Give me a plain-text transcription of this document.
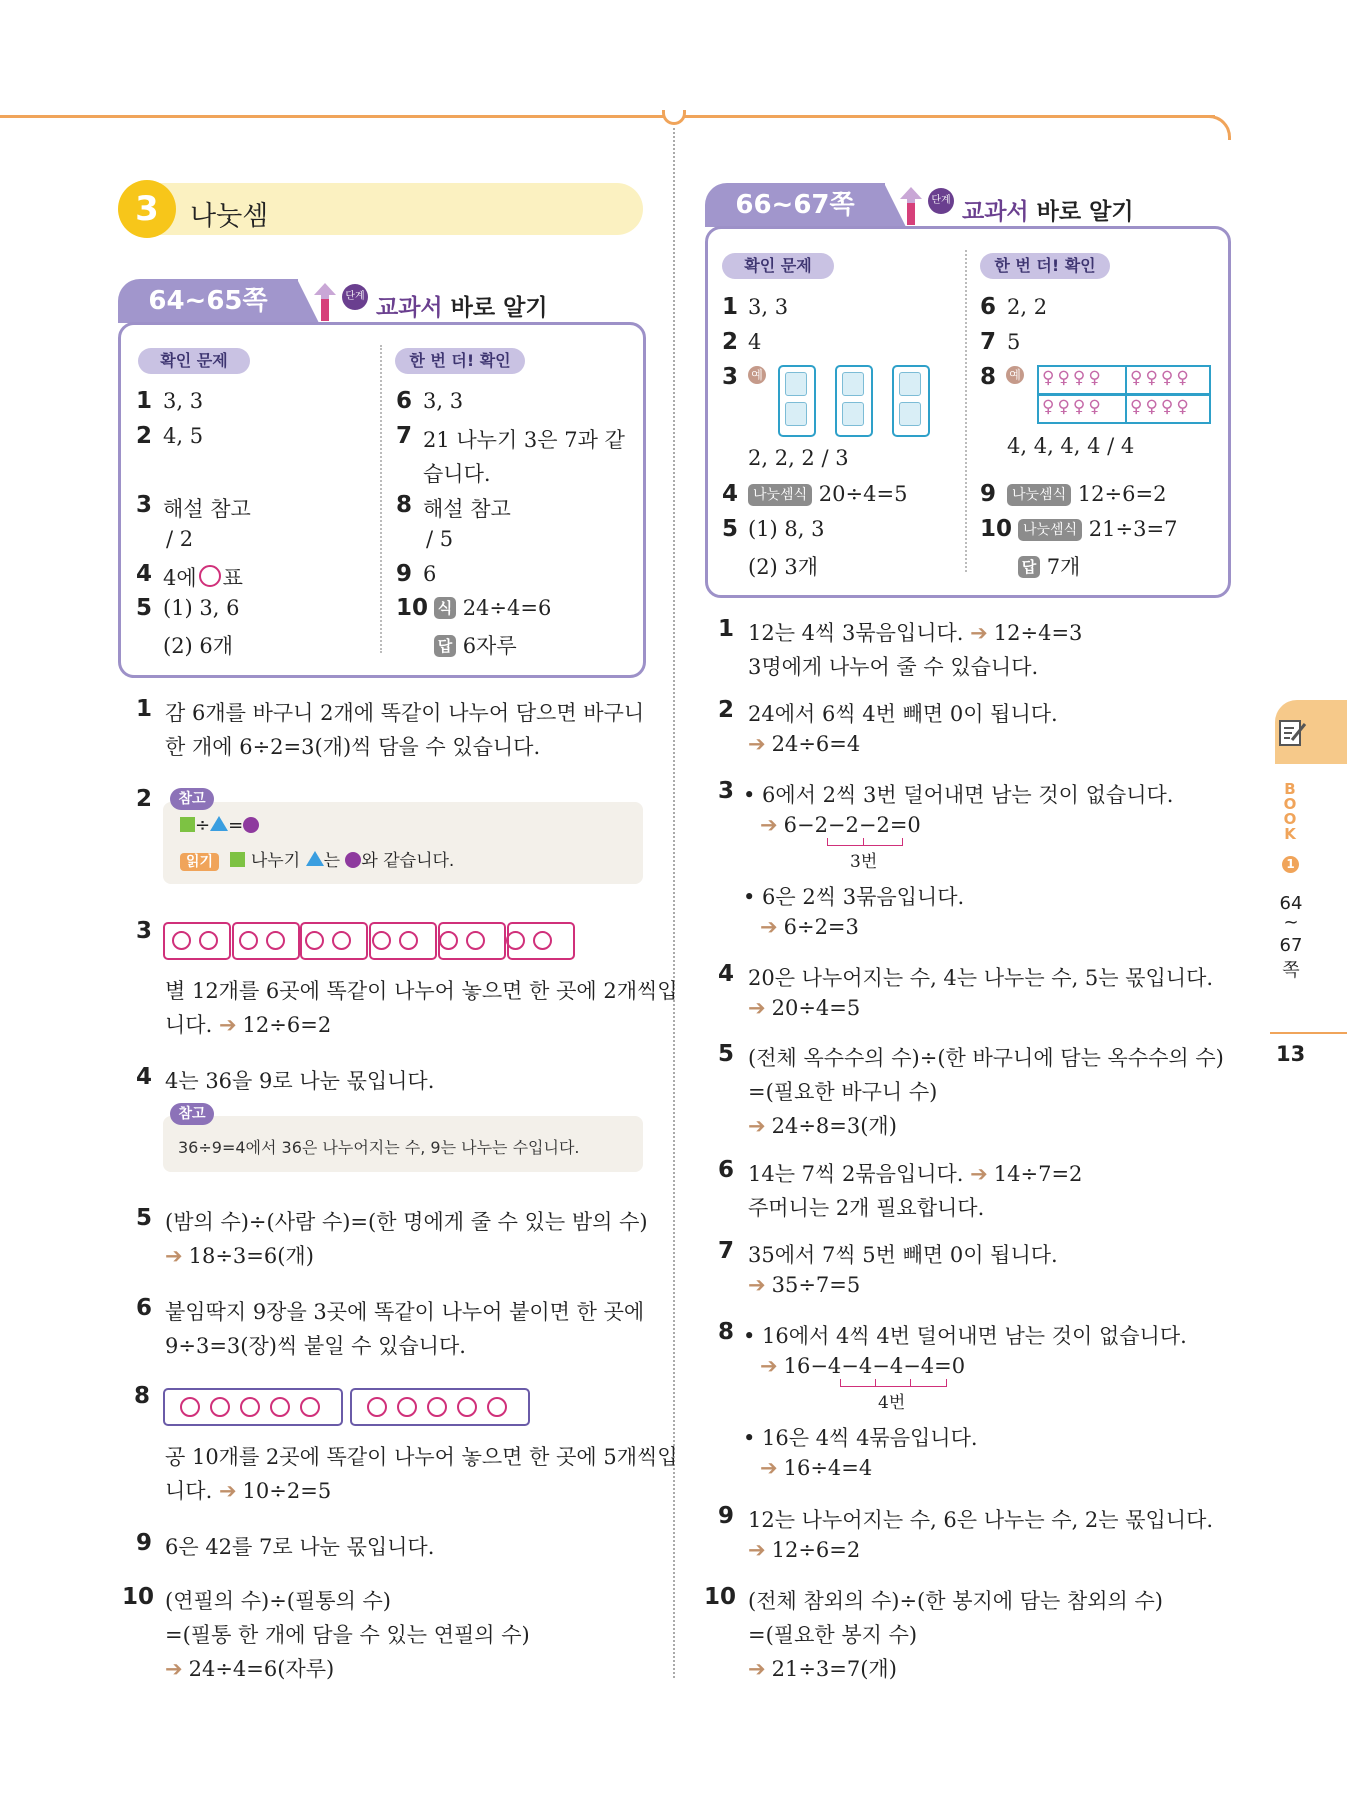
3	나눗셈
64~65쪽	단계 교과서 바로 알기
확인 문제	한 번 더! 확인
1 3, 3
2 4, 5
3 해설 참고
/ 2
4 4에 ○ 표
5 (1) 3, 6
(2) 6개
6 3, 3
7 21 나누기 3은 7과 같
습니다.
8 해설 참고
/ 5
9 6
10 식 24÷4=6
답 6자루
1 감 6개를 바구니 2개에 똑같이 나누어 담으면 바구니
한 개에 6÷2=3(개)씩 담을 수 있습니다.
2	참고
÷ =
읽기 나누기 는 와 같습니다.
3
별 12개를 6곳에 똑같이 나누어 놓으면 한 곳에 2개씩입
니다. ➔ 12÷6=2
4 4는 36을 9로 나눈 몫입니다.
참고
36÷9=4에서 36은 나누어지는 수, 9는 나누는 수입니다.
5 (밤의 수)÷(사람 수)=(한 명에게 줄 수 있는 밤의 수)
➔ 18÷3=6(개)
6 붙임딱지 9장을 3곳에 똑같이 나누어 붙이면 한 곳에
9÷3=3(장)씩 붙일 수 있습니다.
8
공 10개를 2곳에 똑같이 나누어 놓으면 한 곳에 5개씩입
니다. ➔ 10÷2=5
9 6은 42를 7로 나눈 몫입니다.
10 (연필의 수)÷(필통의 수)
=(필통 한 개에 담을 수 있는 연필의 수)
➔ 24÷4=6(자루)
66~67쪽	단계 교과서 바로 알기
확인 문제	한 번 더! 확인
1 3, 3
2 4
3 예
2, 2, 2 / 3
4	나눗셈식 20÷4=5
5 (1) 8, 3
(2) 3개
6 2, 2
7 5
8 예 ♀♀♀♀ ♀♀♀♀
♀♀♀♀ ♀♀♀♀
4, 4, 4, 4 / 4
9	나눗셈식 12÷6=2
10 나눗셈식 21÷3=7
답 7개
1 12는 4씩 3묶음입니다. ➔ 12÷4=3
3명에게 나누어 줄 수 있습니다.
2 24에서 6씩 4번 빼면 0이 됩니다.
➔ 24÷6=4
3 • 6에서 2씩 3번 덜어내면 남는 것이 없습니다.
➔ 6−2−2−2=0
3번
• 6은 2씩 3묶음입니다.
➔ 6÷2=3
4 20은 나누어지는 수, 4는 나누는 수, 5는 몫입니다.
➔ 20÷4=5
5 (전체 옥수수의 수)÷(한 바구니에 담는 옥수수의 수)
=(필요한 바구니 수)
➔ 24÷8=3(개)
6 14는 7씩 2묶음입니다. ➔ 14÷7=2
주머니는 2개 필요합니다.
7 35에서 7씩 5번 빼면 0이 됩니다.
➔ 35÷7=5
8 • 16에서 4씩 4번 덜어내면 남는 것이 없습니다.
➔ 16−4−4−4−4=0
4번
• 16은 4씩 4묶음입니다.
➔ 16÷4=4
9 12는 나누어지는 수, 6은 나누는 수, 2는 몫입니다.
➔ 12÷6=2
10 (전체 참외의 수)÷(한 봉지에 담는 참외의 수)
=(필요한 봉지 수)
➔ 21÷3=7(개)
BOOK
1
64
~
67
쪽
13
